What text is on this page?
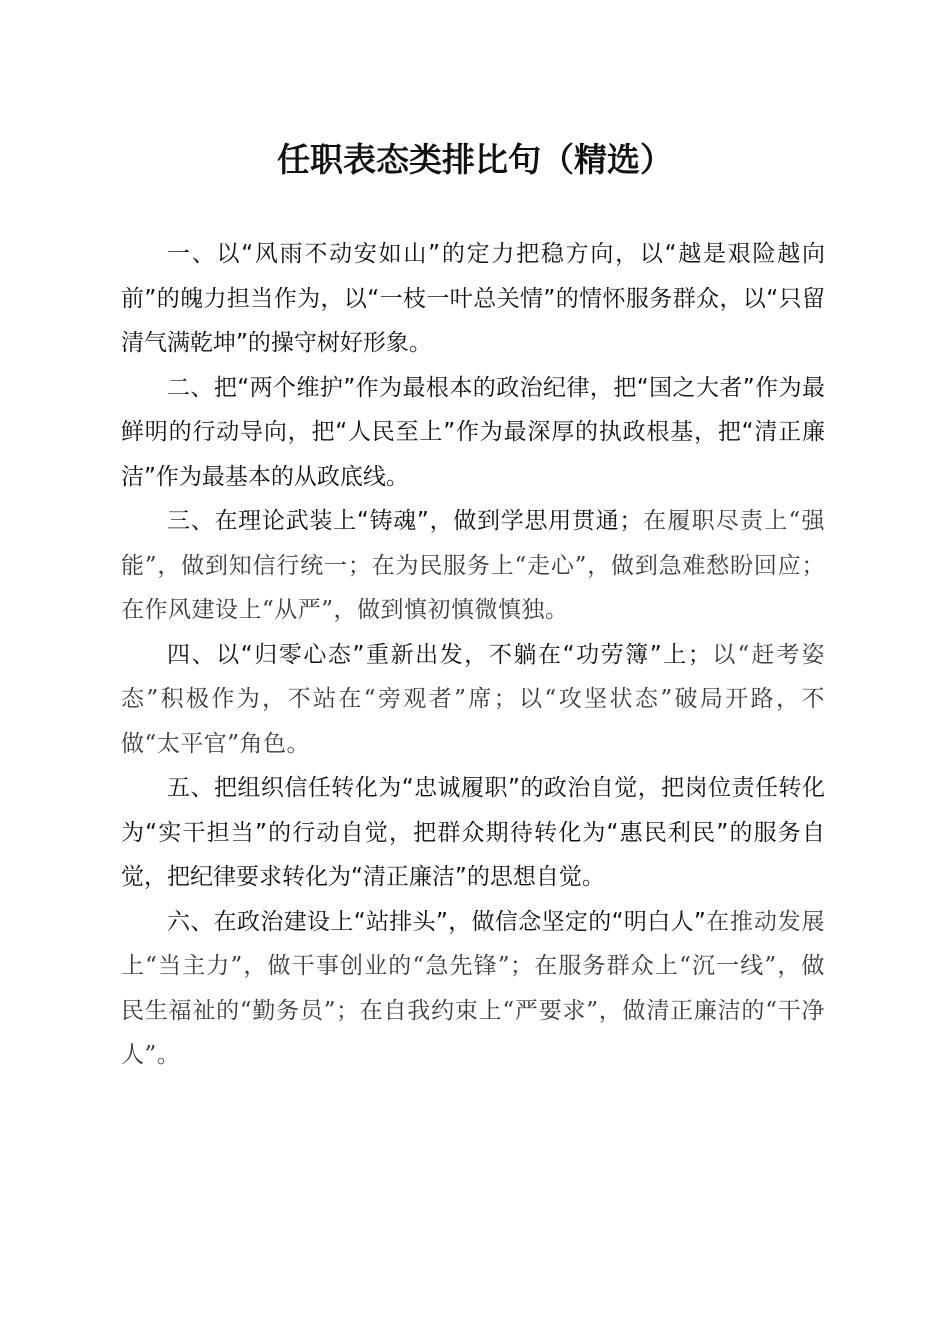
任职表态类排比句（精选）

一、以“风雨不动安如山”的定力把稳方向，以“越是艰险越向前”的魄力担当作为，以“一枝一叶总关情”的情怀服务群众，以“只留清气满乾坤”的操守树好形象。

二、把“两个维护”作为最根本的政治纪律，把“国之大者”作为最鲜明的行动导向，把“人民至上”作为最深厚的执政根基，把“清正廉洁”作为最基本的从政底线。

三、在理论武装上“铸魂”，做到学思用贯通；在履职尽责上“强能”，做到知信行统一；在为民服务上“走心”，做到急难愁盼回应；在作风建设上“从严”，做到慎初慎微慎独。

四、以“归零心态”重新出发，不躺在“功劳簿”上；以“赶考姿态”积极作为，不站在“旁观者”席；以“攻坚状态”破局开路，不做“太平官”角色。

五、把组织信任转化为“忠诚履职”的政治自觉，把岗位责任转化为“实干担当”的行动自觉，把群众期待转化为“惠民利民”的服务自觉，把纪律要求转化为“清正廉洁”的思想自觉。

六、在政治建设上“站排头”，做信念坚定的“明白人”在推动发展上“当主力”，做干事创业的“急先锋”；在服务群众上“沉一线”，做民生福祉的“勤务员”；在自我约束上“严要求”，做清正廉洁的“干净人”。
